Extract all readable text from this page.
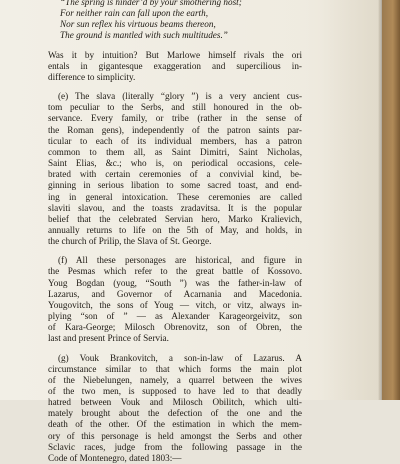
“The spring is hinder’d by your smothering host;
For neither rain can fall upon the earth,
Nor sun reflex his virtuous beams thereon,
The ground is mantled with such multitudes.”
Was it by intuition? But Marlowe himself rivals the ori
entals in gigantesque exaggeration and supercilious in-
difference to simplicity.
(e) The slava (literally “glory ”) is a very ancient cus-
tom peculiar to the Serbs, and still honoured in the ob-
servance. Every family, or tribe (rather in the sense of
the Roman gens), independently of the patron saints par-
ticular to each of its individual members, has a patron
common to them all, as Saint Dimitri, Saint Nicholas,
Saint Elias, &c.; who is, on periodical occasions, cele-
brated with certain ceremonies of a convivial kind, be-
ginning in serious libation to some sacred toast, and end-
ing in general intoxication. These ceremonies are called
slaviti slavou, and the toasts zradavitsa. It is the popular
belief that the celebrated Servian hero, Marko Kralievich,
annually returns to life on the 5th of May, and holds, in
the church of Prilip, the Slava of St. George.
(f) All these personages are historical, and figure in
the Pesmas which refer to the great battle of Kossovo.
Youg Bogdan (youg, “South ”) was the father-in-law of
Lazarus, and Governor of Acarnania and Macedonia.
Yougovitch, the sons of Youg — vitch, or vitz, always in-
plying “son of ” — as Alexander Karageorgeivitz, son
of Kara-George; Milosch Obrenovitz, son of Obren, the
last and present Prince of Servia.
(g) Vouk Brankovitch, a son-in-law of Lazarus. A
circumstance similar to that which forms the main plot
of the Niebelungen, namely, a quarrel between the wives
of the two men, is supposed to have led to that deadly
hatred between Vouk and Milosch Obilitch, which ulti-
mately brought about the defection of the one and the
death of the other. Of the estimation in which the mem-
ory of this personage is held amongst the Serbs and other
Sclavic races, judge from the following passage in the
Code of Montenegro, dated 1803:—
